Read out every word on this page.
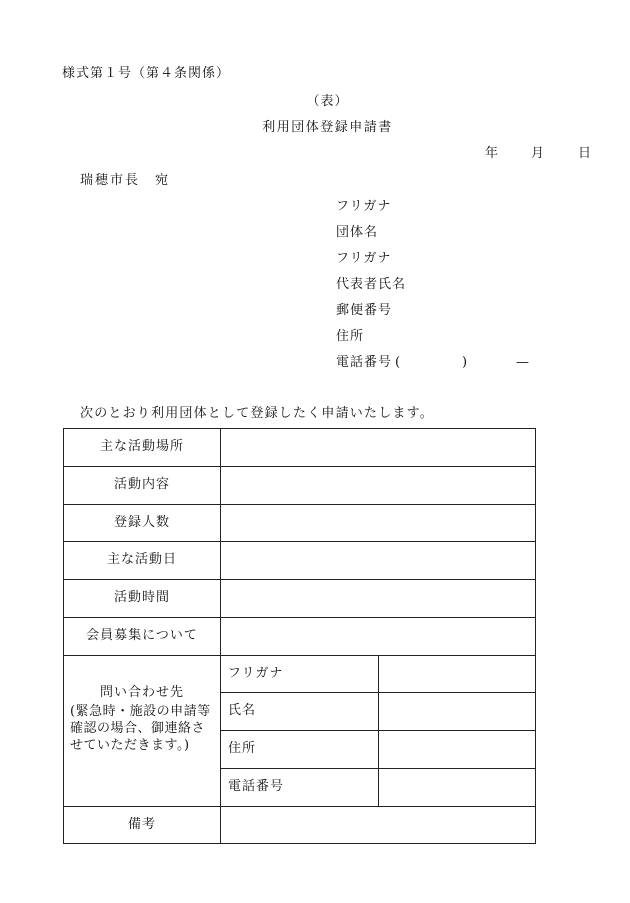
様式第１号（第４条関係）
（表）
利用団体登録申請書
年 月	日
瑞穂市長　宛
フリガナ
団体名
フリガナ
代表者氏名
郵便番号
住所
電話番号 (	)	—
次のとおり利用団体として登録したく申請いたします。
主な活動場所
活動内容
登録人数
主な活動日
活動時間
会員募集について
問い合わせ先
(緊急時・施設の申請等確認の場合、御連絡させていただきます。)
フリガナ
氏名
住所
電話番号
備考
